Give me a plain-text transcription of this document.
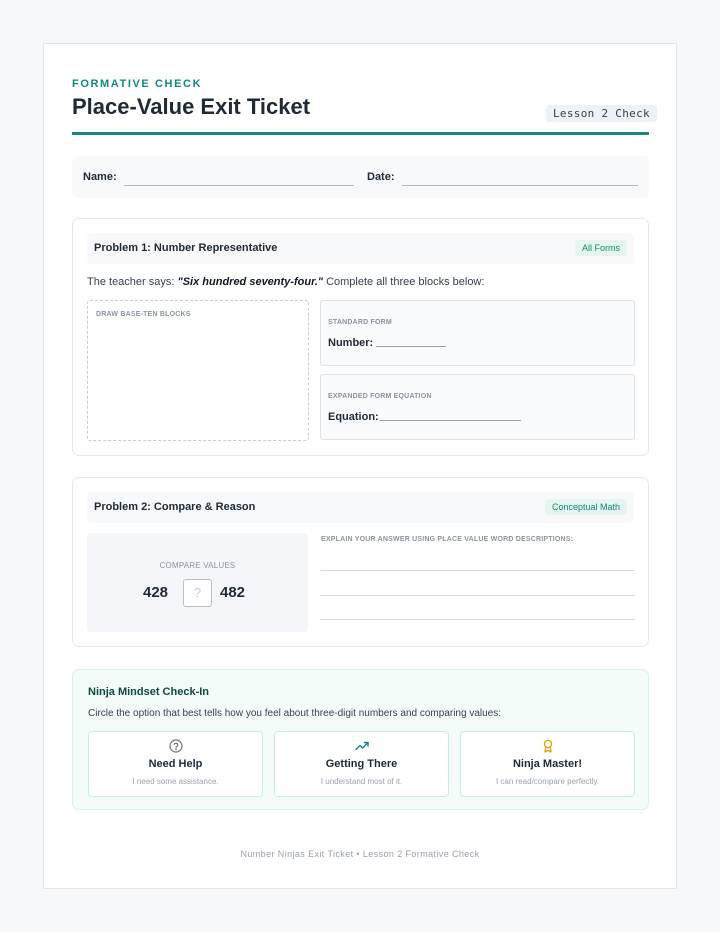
FORMATIVE CHECK
Place-Value Exit Ticket	Lesson 2 Check
Name:	Date:
Problem 1: Number Representative	All Forms
The teacher says: "Six hundred seventy-four." Complete all three blocks below:
DRAW BASE-TEN BLOCKS
STANDARD FORM
Number:
EXPANDED FORM EQUATION
Equation:
Problem 2: Compare & Reason	Conceptual Math
COMPARE VALUES
428	?	482
EXPLAIN YOUR ANSWER USING PLACE VALUE WORD DESCRIPTIONS:
Ninja Mindset Check-In
Circle the option that best tells how you feel about three-digit numbers and comparing values:
Need Help
I need some assistance.
Getting There
I understand most of it.
Ninja Master!
I can read/compare perfectly.
Number Ninjas Exit Ticket • Lesson 2 Formative Check
